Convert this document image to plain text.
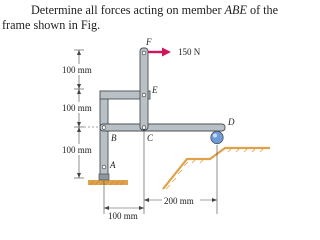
Determine all forces acting on member ABE of the
frame shown in Fig.

100 mm
100 mm
100 mm
200 mm
100 mm
150 N
F
E
D
B	C
A
